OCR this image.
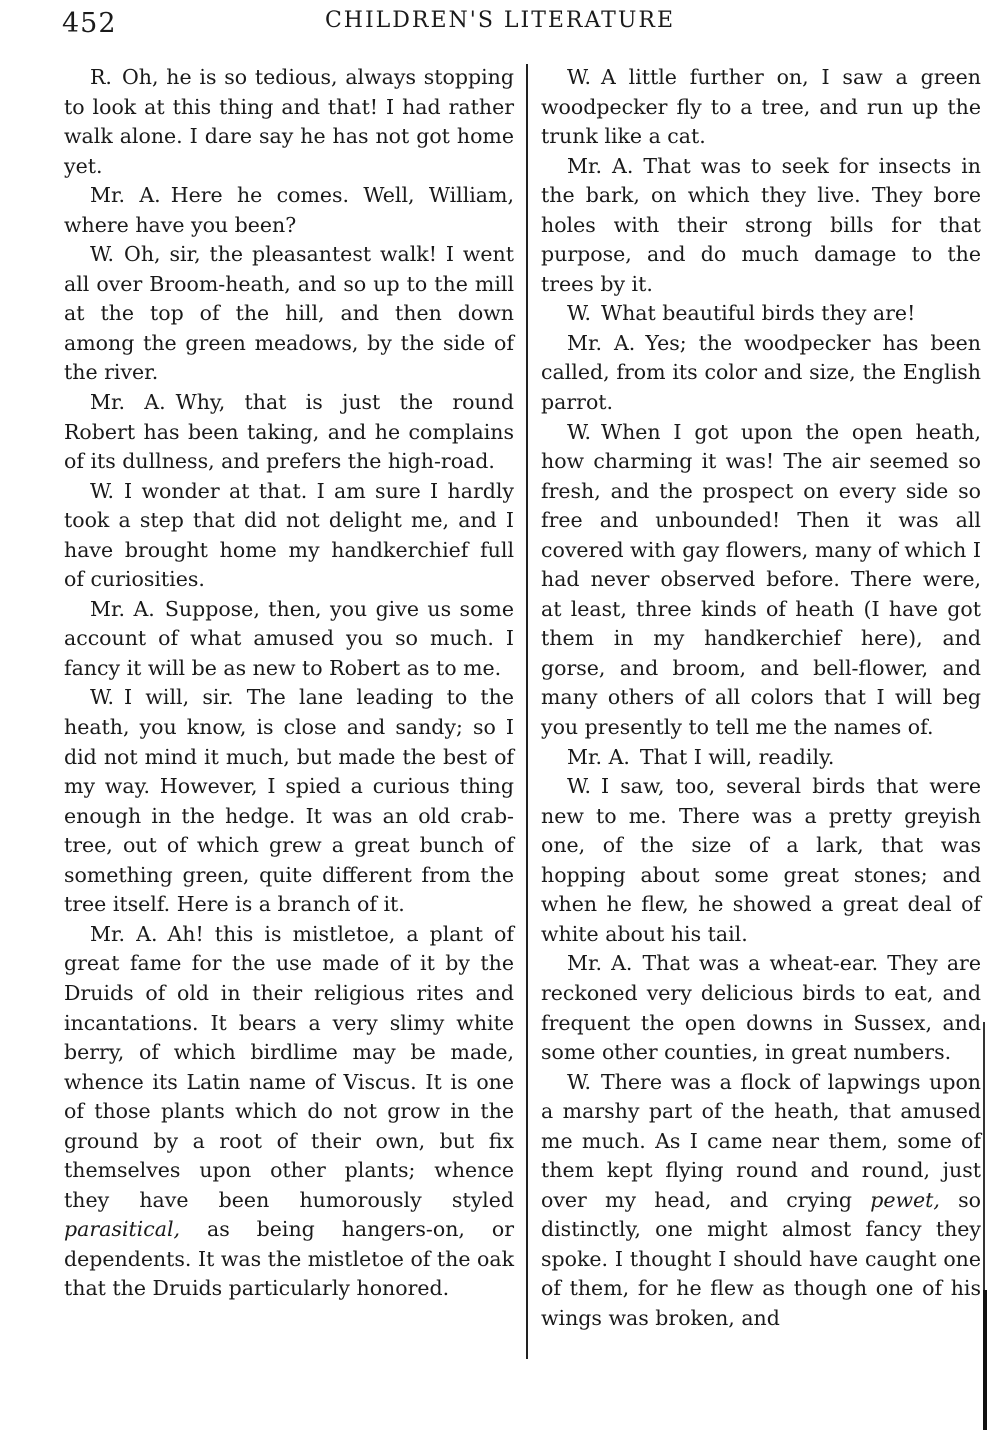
452	CHILDREN'S LITERATURE

R. Oh, he is so tedious, always stopping to look at this thing and that! I had rather walk alone. I dare say he has not got home yet.

Mr. A. Here he comes. Well, William, where have you been?

W. Oh, sir, the pleasantest walk! I went all over Broom-heath, and so up to the mill at the top of the hill, and then down among the green meadows, by the side of the river.

Mr. A. Why, that is just the round Robert has been taking, and he complains of its dullness, and prefers the high-road.

W. I wonder at that. I am sure I hardly took a step that did not delight me, and I have brought home my handkerchief full of curiosities.

Mr. A. Suppose, then, you give us some account of what amused you so much. I fancy it will be as new to Robert as to me.

W. I will, sir. The lane leading to the heath, you know, is close and sandy; so I did not mind it much, but made the best of my way. However, I spied a curious thing enough in the hedge. It was an old crab-tree, out of which grew a great bunch of something green, quite different from the tree itself. Here is a branch of it.

Mr. A. Ah! this is mistletoe, a plant of great fame for the use made of it by the Druids of old in their religious rites and incantations. It bears a very slimy white berry, of which birdlime may be made, whence its Latin name of Viscus. It is one of those plants which do not grow in the ground by a root of their own, but fix themselves upon other plants; whence they have been humorously styled parasitical, as being hangers-on, or dependents. It was the mistletoe of the oak that the Druids particularly honored.

W. A little further on, I saw a green woodpecker fly to a tree, and run up the trunk like a cat.

Mr. A. That was to seek for insects in the bark, on which they live. They bore holes with their strong bills for that purpose, and do much damage to the trees by it.

W. What beautiful birds they are!

Mr. A. Yes; the woodpecker has been called, from its color and size, the English parrot.

W. When I got upon the open heath, how charming it was! The air seemed so fresh, and the prospect on every side so free and unbounded! Then it was all covered with gay flowers, many of which I had never observed before. There were, at least, three kinds of heath (I have got them in my handkerchief here), and gorse, and broom, and bell-flower, and many others of all colors that I will beg you presently to tell me the names of.

Mr. A. That I will, readily.

W. I saw, too, several birds that were new to me. There was a pretty greyish one, of the size of a lark, that was hopping about some great stones; and when he flew, he showed a great deal of white about his tail.

Mr. A. That was a wheat-ear. They are reckoned very delicious birds to eat, and frequent the open downs in Sussex, and some other counties, in great numbers.

W. There was a flock of lapwings upon a marshy part of the heath, that amused me much. As I came near them, some of them kept flying round and round, just over my head, and crying pewet, so distinctly, one might almost fancy they spoke. I thought I should have caught one of them, for he flew as though one of his wings was broken, and
